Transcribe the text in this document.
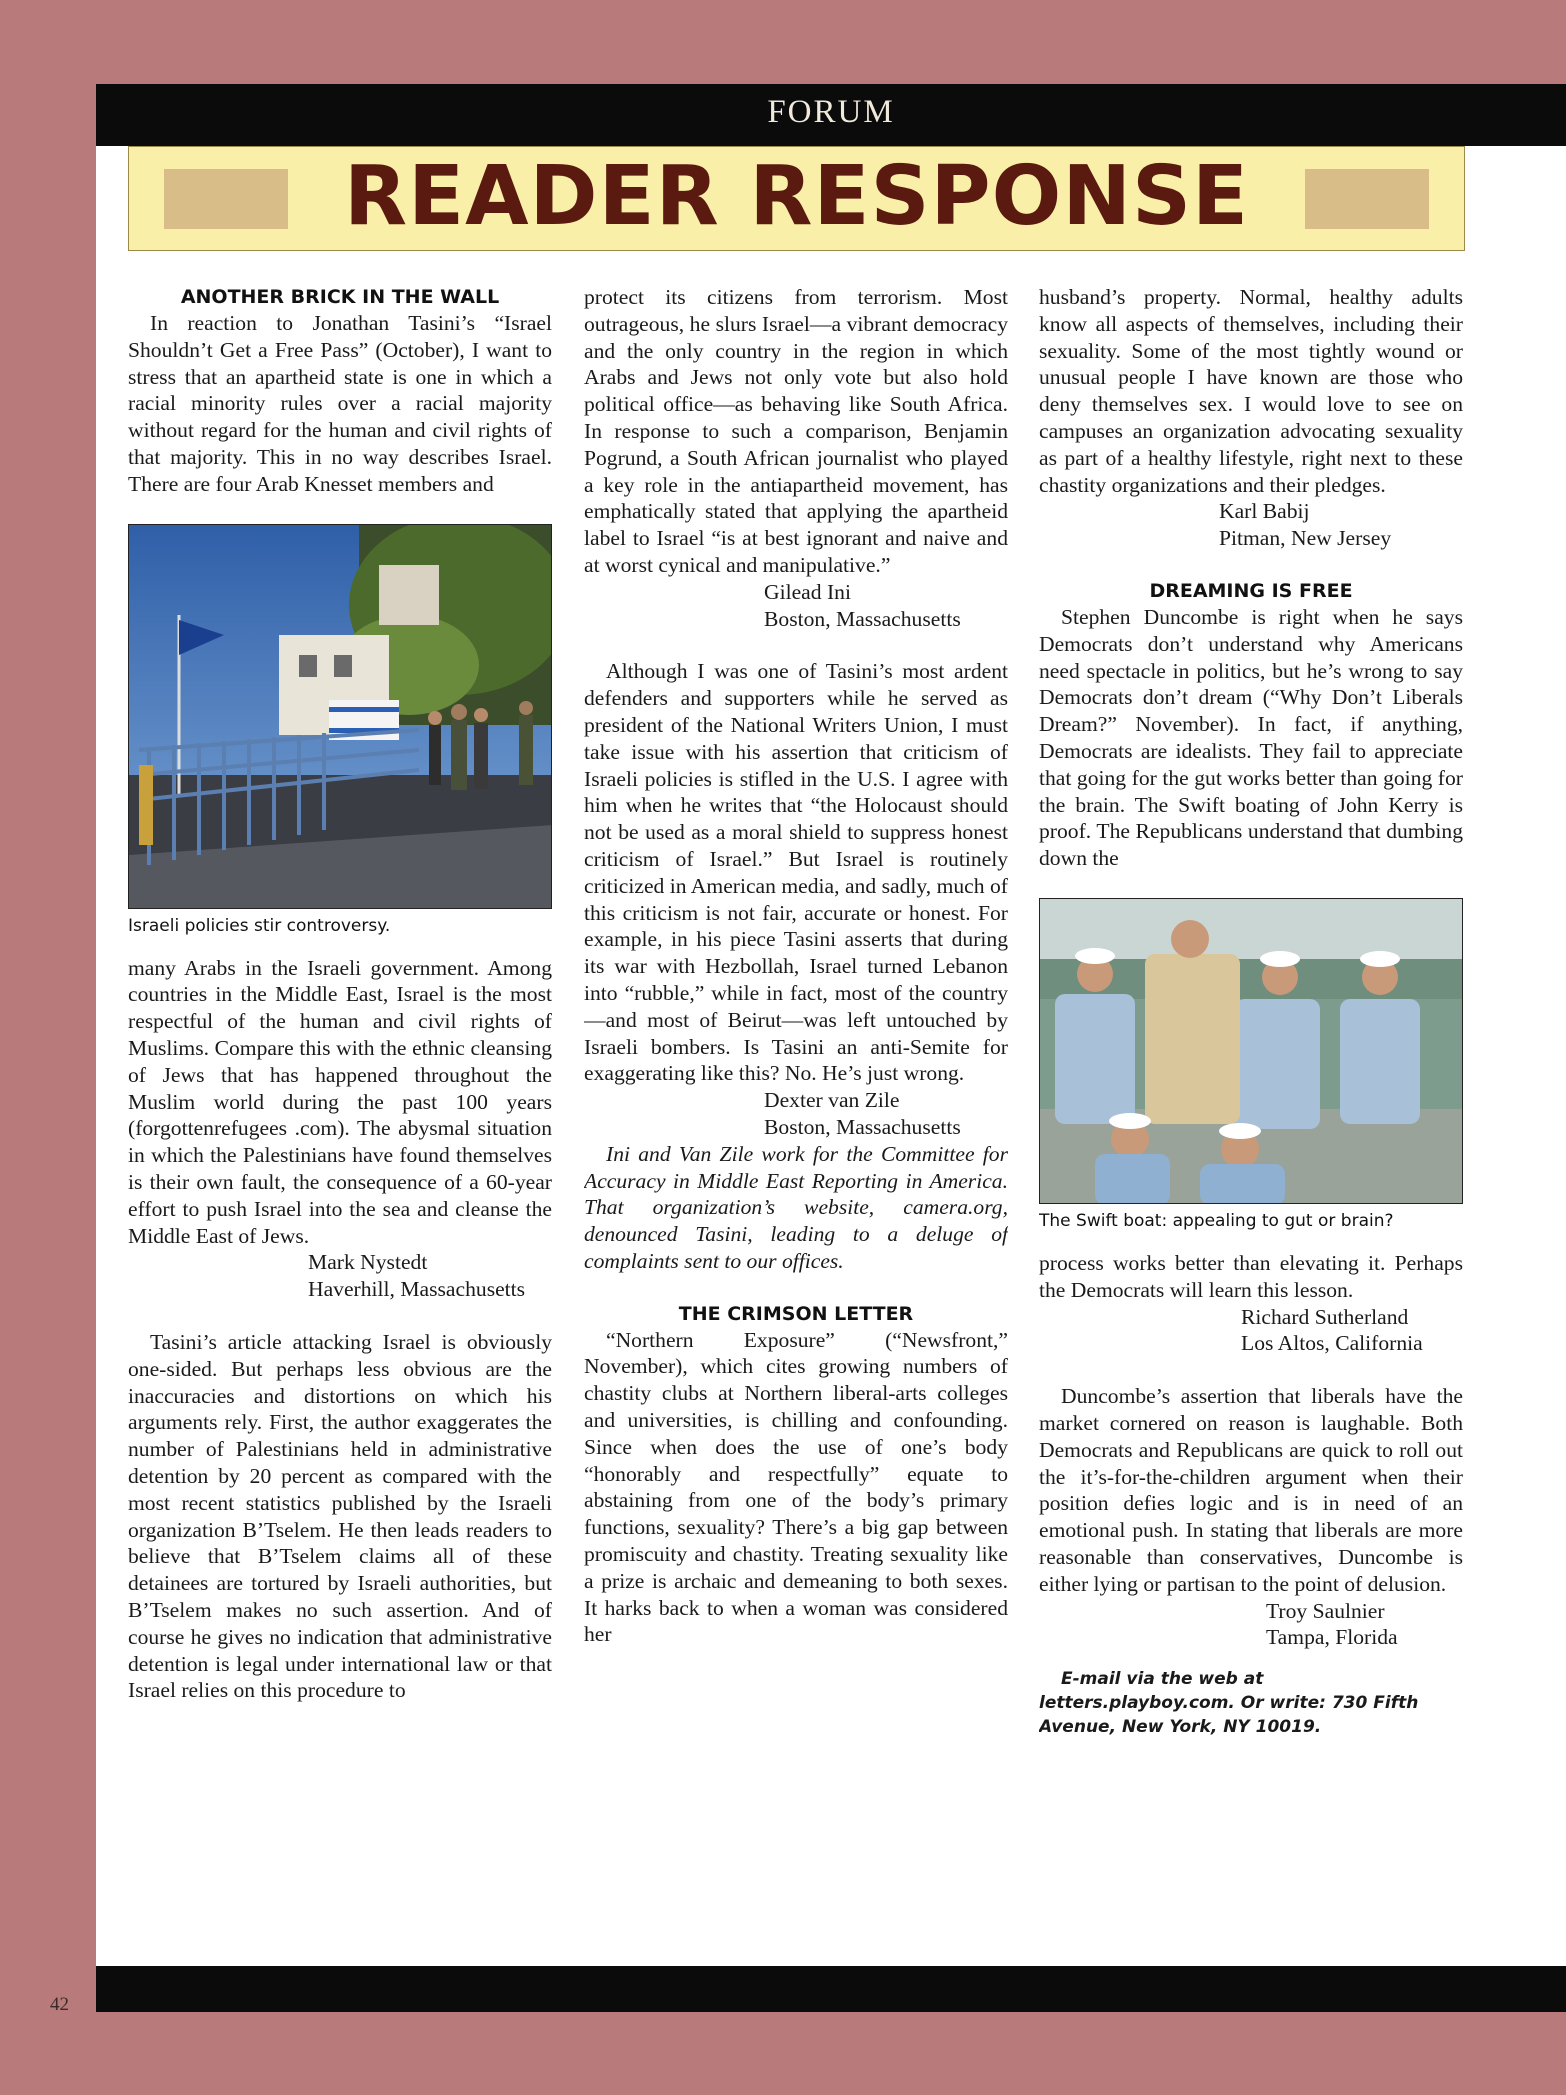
FORUM
READER RESPONSE
ANOTHER BRICK IN THE WALL

In reaction to Jonathan Tasini’s “Israel Shouldn’t Get a Free Pass” (October), I want to stress that an apartheid state is one in which a racial minority rules over a racial majority without regard for the human and civil rights of that majority. This in no way describes Israel. There are four Arab Knesset members and

Israeli policies stir controversy.

many Arabs in the Israeli government. Among countries in the Middle East, Israel is the most respectful of the human and civil rights of Muslims. Compare this with the ethnic cleansing of Jews that has happened throughout the Muslim world during the past 100 years (forgottenrefugees .com). The abysmal situation in which the Palestinians have found themselves is their own fault, the consequence of a 60-year effort to push Israel into the sea and cleanse the Middle East of Jews.

Mark Nystedt

Haverhill, Massachusetts

Tasini’s article attacking Israel is obviously one-sided. But perhaps less obvious are the inaccuracies and distortions on which his arguments rely. First, the author exaggerates the number of Palestinians held in administrative detention by 20 percent as compared with the most recent statistics published by the Israeli organization B’Tselem. He then leads readers to believe that B’Tselem claims all of these detainees are tortured by Israeli authorities, but B’Tselem makes no such assertion. And of course he gives no indication that administrative detention is legal under international law or that Israel relies on this procedure to

protect its citizens from terrorism. Most outrageous, he slurs Israel—a vibrant democracy and the only country in the region in which Arabs and Jews not only vote but also hold political office—as behaving like South Africa. In response to such a comparison, Benjamin Pogrund, a South African journalist who played a key role in the antiapartheid movement, has emphatically stated that applying the apartheid label to Israel “is at best ignorant and naive and at worst cynical and manipulative.”

Gilead Ini

Boston, Massachusetts

Although I was one of Tasini’s most ardent defenders and supporters while he served as president of the National Writers Union, I must take issue with his assertion that criticism of Israeli policies is stifled in the U.S. I agree with him when he writes that “the Holocaust should not be used as a moral shield to suppress honest criticism of Israel.” But Israel is routinely criticized in American media, and sadly, much of this criticism is not fair, accurate or honest. For example, in his piece Tasini asserts that during its war with Hezbollah, Israel turned Lebanon into “rubble,” while in fact, most of the country—and most of Beirut—was left untouched by Israeli bombers. Is Tasini an anti-Semite for exaggerating like this? No. He’s just wrong.

Dexter van Zile

Boston, Massachusetts

Ini and Van Zile work for the Committee for Accuracy in Middle East Reporting in America. That organization’s website, camera.org, denounced Tasini, leading to a deluge of complaints sent to our offices.

THE CRIMSON LETTER

“Northern Exposure” (“Newsfront,” November), which cites growing numbers of chastity clubs at Northern liberal-arts colleges and universities, is chilling and confounding. Since when does the use of one’s body “honorably and respectfully” equate to abstaining from one of the body’s primary functions, sexuality? There’s a big gap between promiscuity and chastity. Treating sexuality like a prize is archaic and demeaning to both sexes. It harks back to when a woman was considered her

husband’s property. Normal, healthy adults know all aspects of themselves, including their sexuality. Some of the most tightly wound or unusual people I have known are those who deny themselves sex. I would love to see on campuses an organization advocating sexuality as part of a healthy lifestyle, right next to these chastity organizations and their pledges.

Karl Babij

Pitman, New Jersey

DREAMING IS FREE

Stephen Duncombe is right when he says Democrats don’t understand why Americans need spectacle in politics, but he’s wrong to say Democrats don’t dream (“Why Don’t Liberals Dream?” November). In fact, if anything, Democrats are idealists. They fail to appreciate that going for the gut works better than going for the brain. The Swift boating of John Kerry is proof. The Republicans understand that dumbing down the

The Swift boat: appealing to gut or brain?

process works better than elevating it. Perhaps the Democrats will learn this lesson.

Richard Sutherland

Los Altos, California

Duncombe’s assertion that liberals have the market cornered on reason is laughable. Both Democrats and Republicans are quick to roll out the it’s-for-the-children argument when their position defies logic and is in need of an emotional push. In stating that liberals are more reasonable than conservatives, Duncombe is either lying or partisan to the point of delusion.

Troy Saulnier

Tampa, Florida

E-mail via the web at letters.playboy.com. Or write: 730 Fifth Avenue, New York, NY 10019.

42
